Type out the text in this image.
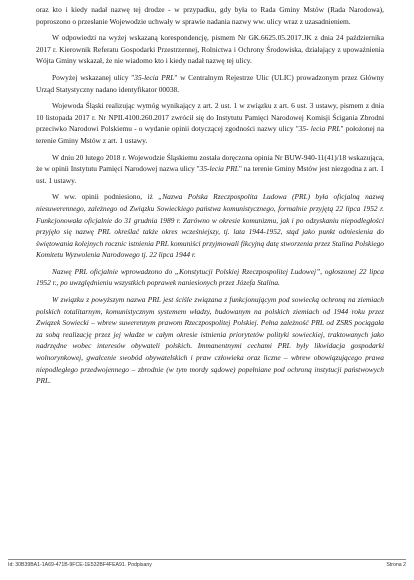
oraz kto i kiedy nadał nazwę tej drodze - w przypadku, gdy była to Rada Gminy Mstów (Rada Narodowa), poproszono o przesłanie Wojewodzie uchwały w sprawie nadania nazwy ww. ulicy wraz z uzasadnieniem.

W odpowiedzi na wyżej wskazaną korespondencję, pismem Nr GK.6625.05.2017.JK z dnia 24 października 2017 r. Kierownik Referatu Gospodarki Przestrzennej, Rolnictwa i Ochrony Środowiska, działający z upoważnienia Wójta Gminy wskazał, że nie wiadomo kto i kiedy nadał nazwę tej ulicy.

Powyżej wskazanej ulicy "35-lecia PRL" w Centralnym Rejestrze Ulic (ULIC) prowadzonym przez Główny Urząd Statystyczny nadano identyfikator 00038.

Wojewoda Śląski realizując wymóg wynikający z art. 2 ust. 1 w związku z art. 6 ust. 3 ustawy, pismem z dnia 10 listopada 2017 r. Nr NPII.4100.260.2017 zwrócił się do Instytutu Pamięci Narodowej Komisji Ścigania Zbrodni przeciwko Narodowi Polskiemu - o wydanie opinii dotyczącej zgodności nazwy ulicy "35- lecia PRL" położonej na terenie Gminy Mstów z art. 1 ustawy.

W dniu 20 lutego 2018 r. Wojewodzie Śląskiemu została doręczona opinia Nr BUW-940-11(41)/18 wskazująca, że w opinii Instytutu Pamięci Narodowej nazwa ulicy "35-lecia PRL" na terenie Gminy Mstów jest niezgodna z art. 1 ust. 1 ustawy.

W ww. opinii podniesiono, iż „Nazwa Polska Rzeczpospolita Ludowa (PRL) była oficjalną nazwą niesuwerennego, zależnego od Związku Sowieckiego państwa komunistycznego, formalnie przyjętą 22 lipca 1952 r. Funkcjonowała oficjalnie do 31 grudnia 1989 r. Zarówno w okresie komunizmu, jak i po odzyskaniu niepodległości przyjęło się nazwę PRL określać także okres wcześniejszy, tj. lata 1944-1952, stąd jako punkt odniesienia do świętowania kolejnych rocznic istnienia PRL komuniści przyjmowali fikcyjną datę stworzenia przez Stalina Polskiego Komitetu Wyzwolenia Narodowego tj. 22 lipca 1944 r.

Nazwę PRL oficjalnie wprowadzono do „Konstytucji Polskiej Rzeczpospolitej Ludowej”, ogłoszonej 22 lipca 1952 r., po uwzględnieniu wszystkich poprawek naniesionych przez Józefa Stalina.

W związku z powyższym nazwa PRL jest ściśle związana z funkcjonującym pod sowiecką ochroną na ziemiach polskich totalitarnym, komunistycznym systemem władzy, budowanym na polskich ziemiach od 1944 roku przez Związek Sowiecki – wbrew suwerennym prawom Rzeczpospolitej Polskiej. Pełna zależność PRL od ZSRS pociągała za sobą realizację przez jej władze w całym okresie istnienia priorytetów polityki sowieckiej, traktowanych jako nadrzędne wobec interesów obywateli polskich. Immanentnymi cechami PRL były likwidacja gospodarki wolnorynkowej, gwałcenie swobód obywatelskich i praw człowieka oraz liczne – wbrew obowiązującego prawa niepodległego przedwojennego – zbrodnie (w tym mordy sądowe) popełniane pod ochroną instytucji państwowych PRL.

Id: 30B39BA1-1A69-471B-9FCE-1E532BF4FEA91. Podpisany	Strona 2
